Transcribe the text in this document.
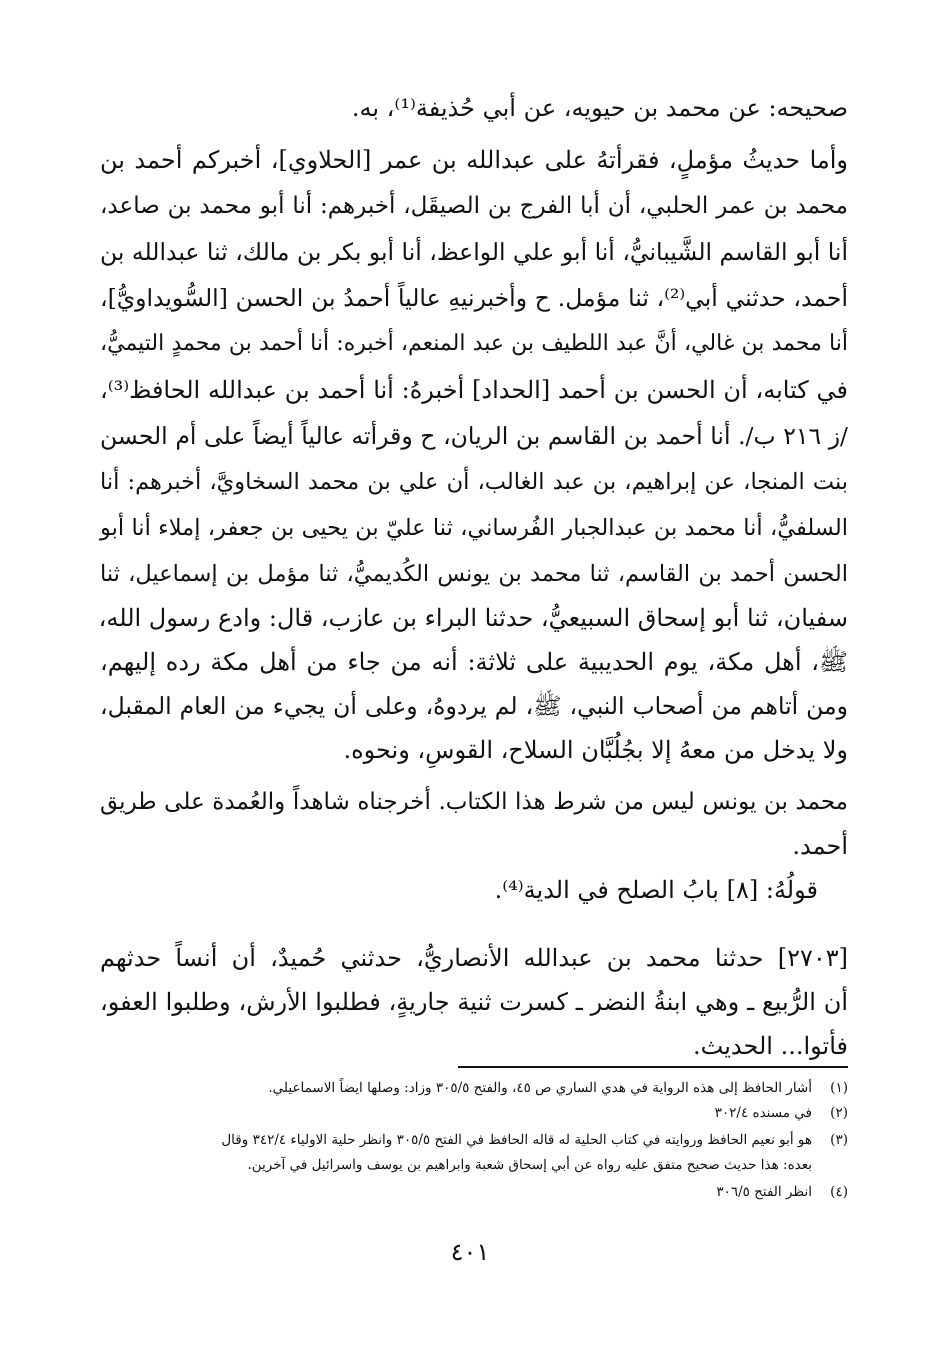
صحيحه: عن محمد بن حيويه، عن أبي حُذيفة⁽¹⁾، به.
وأما حديثُ مؤملٍ، فقرأتهُ على عبدالله بن عمر [الحلاوي]، أخبركم أحمد بن
محمد بن عمر الحلبي، أن أبا الفرج بن الصيقَل، أخبرهم: أنا أبو محمد بن صاعد،
أنا أبو القاسم الشَّيبانيُّ، أنا أبو علي الواعظ، أنا أبو بكر بن مالك، ثنا عبدالله بن
أحمد، حدثني أبي⁽²⁾، ثنا مؤمل. ح وأخبرنيهِ عالياً أحمدُ بن الحسن [السُّويداويُّ]،
أنا محمد بن غالي، أنَّ عبد اللطيف بن عبد المنعم، أخبره: أنا أحمد بن محمدٍ التيميُّ،
في كتابه، أن الحسن بن أحمد [الحداد] أخبرهُ: أنا أحمد بن عبدالله الحافظ⁽³⁾،
/ز ٢١٦ ب/. أنا أحمد بن القاسم بن الريان، ح وقرأته عالياً أيضاً على أم الحسن
بنت المنجا، عن إبراهيم، بن عبد الغالب، أن علي بن محمد السخاويَّ، أخبرهم: أنا
السلفيُّ، أنا محمد بن عبدالجبار الفُرساني، ثنا عليّ بن يحيى بن جعفر، إملاء أنا أبو
الحسن أحمد بن القاسم، ثنا محمد بن يونس الكُديميُّ، ثنا مؤمل بن إسماعيل، ثنا
سفيان، ثنا أبو إسحاق السبيعيُّ، حدثنا البراء بن عازب، قال: وادع رسول الله،
ﷺ، أهل مكة، يوم الحديبية على ثلاثة: أنه من جاء من أهل مكة رده إليهم،
ومن أتاهم من أصحاب النبي، ﷺ، لم يردوهُ، وعلى أن يجيء من العام المقبل،
ولا يدخل من معهُ إلا بجُلُبَّان السلاح، القوسِ، ونحوه.
محمد بن يونس ليس من شرط هذا الكتاب. أخرجناه شاهداً والعُمدة على طريق
أحمد.
قولُهُ: [٨] بابُ الصلح في الدية⁽⁴⁾.
[٢٧٠٣] حدثنا محمد بن عبدالله الأنصاريُّ، حدثني حُميدٌ، أن أنساً حدثهم
أن الرُّبيع ـ وهي ابنةُ النضر ـ كسرت ثنية جاريةٍ، فطلبوا الأرش، وطلبوا العفو،
فأتوا... الحديث.
(١)أشار الحافظ إلى هذه الرواية في هدي الساري ص ٤٥، والفتح ٣٠٥/٥ وزاد: وصلها ايضاً الاسماعيلي.
(٢)في مسنده ٣٠٢/٤
(٣)هو أبو نعيم الحافظ وروايته في كتاب الحلية له قاله الحافظ في الفتح ٣٠٥/٥ وانظر حلية الاولياء ٣٤٢/٤ وقال
بعده: هذا حديث صحيح متفق عليه رواه عن أبي إسحاق شعبة وابراهيم بن يوسف واسرائيل في آخرين.
(٤)انظر الفتح ٣٠٦/٥
٤٠١
